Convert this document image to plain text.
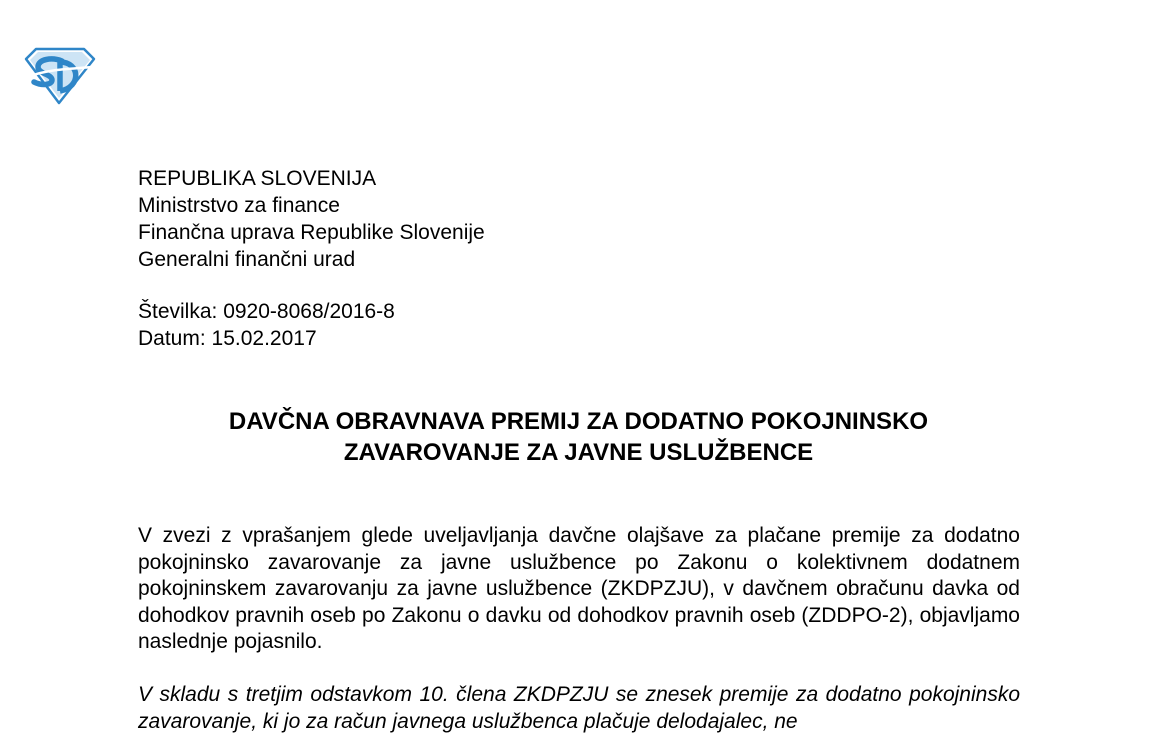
REPUBLIKA SLOVENIJA
Ministrstvo za finance
Finančna uprava Republike Slovenije
Generalni finančni urad
Številka: 0920-8068/2016-8
Datum: 15.02.2017
DAVČNA OBRAVNAVA PREMIJ ZA DODATNO POKOJNINSKO
ZAVAROVANJE ZA JAVNE USLUŽBENCE

V zvezi z vprašanjem glede uveljavljanja davčne olajšave za plačane premije za dodatno pokojninsko zavarovanje za javne uslužbence po Zakonu o kolektivnem dodatnem pokojninskem zavarovanju za javne uslužbence (ZKDPZJU), v davčnem obračunu davka od dohodkov pravnih oseb po Zakonu o davku od dohodkov pravnih oseb (ZDDPO-2), objavljamo naslednje pojasnilo.

V skladu s tretjim odstavkom 10. člena ZKDPZJU se znesek premije za dodatno pokojninsko zavarovanje, ki jo za račun javnega uslužbenca plačuje delodajalec, ne
